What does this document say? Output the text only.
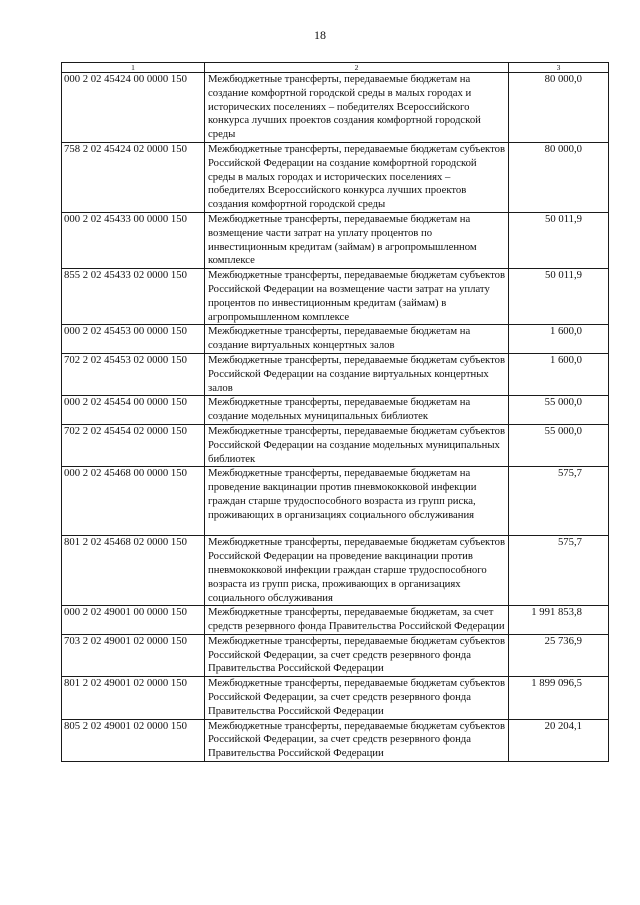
18
1	2	3
000 2 02 45424 00 0000 150	Межбюджетные трансферты, передаваемые бюджетам на создание комфортной городской среды в малых городах и исторических поселениях – победителях Всероссийского конкурса лучших проектов создания комфортной городской среды	80 000,0
758 2 02 45424 02 0000 150	Межбюджетные трансферты, передаваемые бюджетам субъектов Российской Федерации на создание комфортной городской среды в малых городах и исторических поселениях – победителях Всероссийского конкурса лучших проектов создания комфортной городской среды	80 000,0
000 2 02 45433 00 0000 150	Межбюджетные трансферты, передаваемые бюджетам на возмещение части затрат на уплату процентов по инвестиционным кредитам (займам) в агропромышленном комплексе	50 011,9
855 2 02 45433 02 0000 150	Межбюджетные трансферты, передаваемые бюджетам субъектов Российской Федерации на возмещение части затрат на уплату процентов по инвестиционным кредитам (займам) в агропромышленном комплексе	50 011,9
000 2 02 45453 00 0000 150	Межбюджетные трансферты, передаваемые бюджетам на создание виртуальных концертных залов	1 600,0
702 2 02 45453 02 0000 150	Межбюджетные трансферты, передаваемые бюджетам субъектов Российской Федерации на создание виртуальных концертных залов	1 600,0
000 2 02 45454 00 0000 150	Межбюджетные трансферты, передаваемые бюджетам на создание модельных муниципальных библиотек	55 000,0
702 2 02 45454 02 0000 150	Межбюджетные трансферты, передаваемые бюджетам субъектов Российской Федерации на создание модельных муниципальных библиотек	55 000,0
000 2 02 45468 00 0000 150	Межбюджетные трансферты, передаваемые бюджетам на проведение вакцинации против пневмококковой инфекции граждан старше трудоспособного возраста из групп риска, проживающих в организациях социального обслуживания	575,7
801 2 02 45468 02 0000 150	Межбюджетные трансферты, передаваемые бюджетам субъектов Российской Федерации на проведение вакцинации против пневмококковой инфекции граждан старше трудоспособного возраста из групп риска, проживающих в организациях социального обслуживания	575,7
000 2 02 49001 00 0000 150	Межбюджетные трансферты, передаваемые бюджетам, за счет средств резервного фонда Правительства Российской Федерации	1 991 853,8
703 2 02 49001 02 0000 150	Межбюджетные трансферты, передаваемые бюджетам субъектов Российской Федерации, за счет средств резервного фонда Правительства Российской Федерации	25 736,9
801 2 02 49001 02 0000 150	Межбюджетные трансферты, передаваемые бюджетам субъектов Российской Федерации, за счет средств резервного фонда Правительства Российской Федерации	1 899 096,5
805 2 02 49001 02 0000 150	Межбюджетные трансферты, передаваемые бюджетам субъектов Российской Федерации, за счет средств резервного фонда Правительства Российской Федерации	20 204,1
